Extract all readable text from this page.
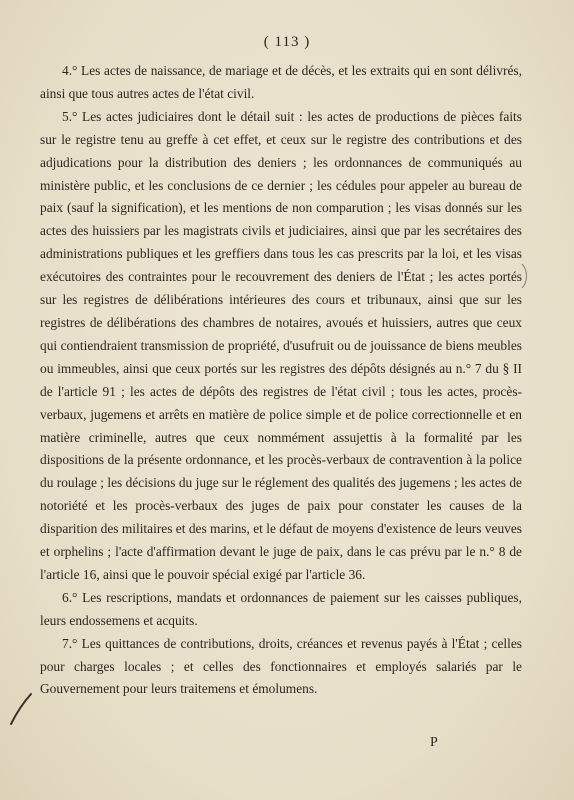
( 113 )

4.° Les actes de naissance, de mariage et de décès, et les extraits qui en sont délivrés, ainsi que tous autres actes de l'état civil.

5.° Les actes judiciaires dont le détail suit : les actes de productions de pièces faits sur le registre tenu au greffe à cet effet, et ceux sur le registre des contributions et des adjudications pour la distribution des deniers ; les ordonnances de communiqués au ministère public, et les conclusions de ce dernier ; les cédules pour appeler au bureau de paix (sauf la signification), et les mentions de non comparution ; les visas donnés sur les actes des huissiers par les magistrats civils et judiciaires, ainsi que par les secrétaires des administrations publiques et les greffiers dans tous les cas prescrits par la loi, et les visas exécutoires des contraintes pour le recouvrement des deniers de l'État ; les actes portés sur les registres de délibérations intérieures des cours et tribunaux, ainsi que sur les registres de délibérations des chambres de notaires, avoués et huissiers, autres que ceux qui contiendraient transmission de propriété, d'usufruit ou de jouissance de biens meubles ou immeubles, ainsi que ceux portés sur les registres des dépôts désignés au n.° 7 du § II de l'article 91 ; les actes de dépôts des registres de l'état civil ; tous les actes, procès-verbaux, jugemens et arrêts en matière de police simple et de police correctionnelle et en matière criminelle, autres que ceux nommément assujettis à la formalité par les dispositions de la présente ordonnance, et les procès-verbaux de contravention à la police du roulage ; les décisions du juge sur le réglement des qualités des jugemens ; les actes de notoriété et les procès-verbaux des juges de paix pour constater les causes de la disparition des militaires et des marins, et le défaut de moyens d'existence de leurs veuves et orphelins ; l'acte d'affirmation devant le juge de paix, dans le cas prévu par le n.° 8 de l'article 16, ainsi que le pouvoir spécial exigé par l'article 36.

6.° Les rescriptions, mandats et ordonnances de paiement sur les caisses publiques, leurs endossemens et acquits.

7.° Les quittances de contributions, droits, créances et revenus payés à l'État ; celles pour charges locales ; et celles des fonctionnaires et employés salariés par le Gouvernement pour leurs traitemens et émolumens.

P
